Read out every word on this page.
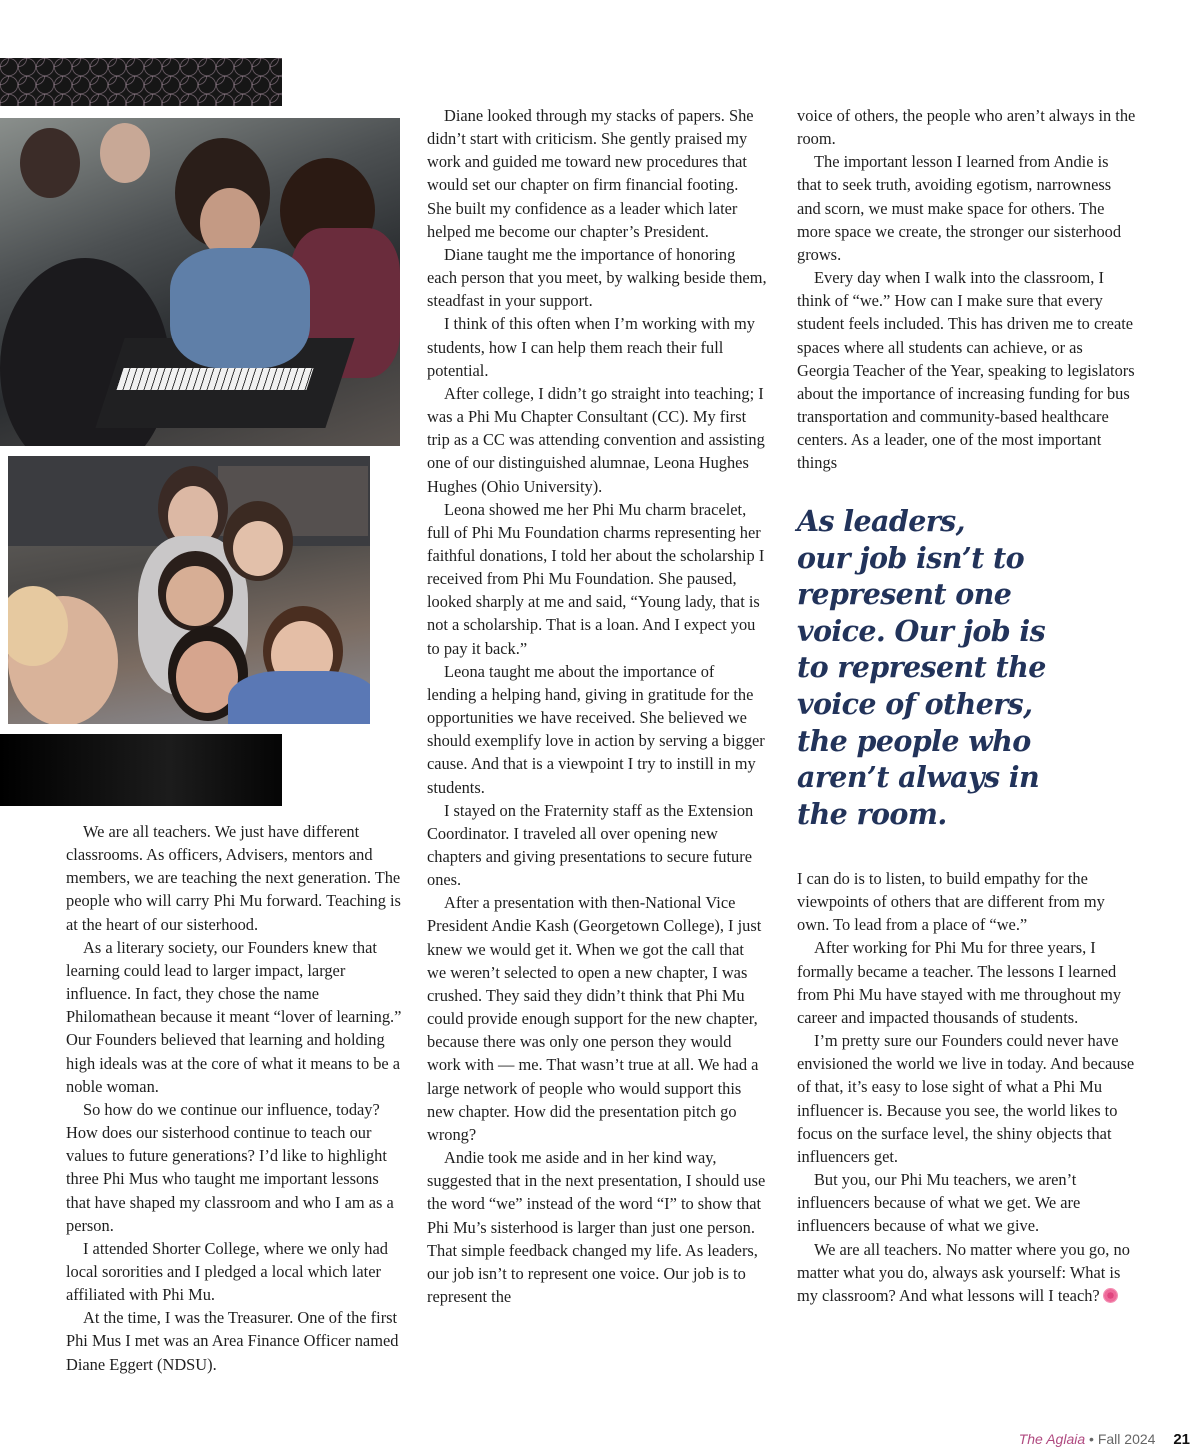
We are all teachers. We just have different classrooms. As officers, Advisers, mentors and members, we are teaching the next generation. The people who will carry Phi Mu forward. Teaching is at the heart of our sisterhood.

As a literary society, our Founders knew that learning could lead to larger impact, larger influence. In fact, they chose the name Philomathean because it meant “lover of learning.” Our Founders believed that learning and holding high ideals was at the core of what it means to be a noble woman.

So how do we continue our influence, today? How does our sisterhood continue to teach our values to future generations? I’d like to highlight three Phi Mus who taught me important lessons that have shaped my classroom and who I am as a person.

I attended Shorter College, where we only had local sororities and I pledged a local which later affiliated with Phi Mu.

At the time, I was the Treasurer. One of the first Phi Mus I met was an Area Finance Officer named Diane Eggert (NDSU).

Diane looked through my stacks of papers. She didn’t start with criticism. She gently praised my work and guided me toward new procedures that would set our chapter on firm financial footing. She built my confidence as a leader which later helped me become our chapter’s President.

Diane taught me the importance of honoring each person that you meet, by walking beside them, steadfast in your support.

I think of this often when I’m working with my students, how I can help them reach their full potential.

After college, I didn’t go straight into teaching; I was a Phi Mu Chapter Consultant (CC). My first trip as a CC was attending convention and assisting one of our distinguished alumnae, Leona Hughes Hughes (Ohio University).

Leona showed me her Phi Mu charm bracelet, full of Phi Mu Foundation charms representing her faithful donations, I told her about the scholarship I received from Phi Mu Foundation. She paused, looked sharply at me and said, “Young lady, that is not a scholarship. That is a loan. And I expect you to pay it back.”

Leona taught me about the importance of lending a helping hand, giving in gratitude for the opportunities we have received. She believed we should exemplify love in action by serving a bigger cause. And that is a viewpoint I try to instill in my students.

I stayed on the Fraternity staff as the Extension Coordinator. I traveled all over opening new chapters and giving presentations to secure future ones.

After a presentation with then-National Vice President Andie Kash (Georgetown College), I just knew we would get it. When we got the call that we weren’t selected to open a new chapter, I was crushed. They said they didn’t think that Phi Mu could provide enough support for the new chapter, because there was only one person they would work with — me. That wasn’t true at all. We had a large network of people who would support this new chapter. How did the presentation pitch go wrong?

Andie took me aside and in her kind way, suggested that in the next presentation, I should use the word “we” instead of the word “I” to show that Phi Mu’s sisterhood is larger than just one person. That simple feedback changed my life. As leaders, our job isn’t to represent one voice. Our job is to represent the

voice of others, the people who aren’t always in the room.

The important lesson I learned from Andie is that to seek truth, avoiding egotism, narrowness and scorn, we must make space for others. The more space we create, the stronger our sisterhood grows.

Every day when I walk into the classroom, I think of “we.” How can I make sure that every student feels included. This has driven me to create spaces where all students can achieve, or as Georgia Teacher of the Year, speaking to legislators about the importance of increasing funding for bus transportation and community-based healthcare centers. As a leader, one of the most important things

As leaders,
our job isn’t to
represent one
voice. Our job is
to represent the
voice of others,
the people who
aren’t always in
the room.

I can do is to listen, to build empathy for the viewpoints of others that are different from my own. To lead from a place of “we.”

After working for Phi Mu for three years, I formally became a teacher. The lessons I learned from Phi Mu have stayed with me throughout my career and impacted thousands of students.

I’m pretty sure our Founders could never have envisioned the world we live in today. And because of that, it’s easy to lose sight of what a Phi Mu influencer is. Because you see, the world likes to focus on the surface level, the shiny objects that influencers get.

But you, our Phi Mu teachers, we aren’t influencers because of what we get. We are influencers because of what we give.

We are all teachers. No matter where you go, no matter what you do, always ask yourself: What is my classroom? And what lessons will I teach?

The Aglaia • Fall 2024 21
